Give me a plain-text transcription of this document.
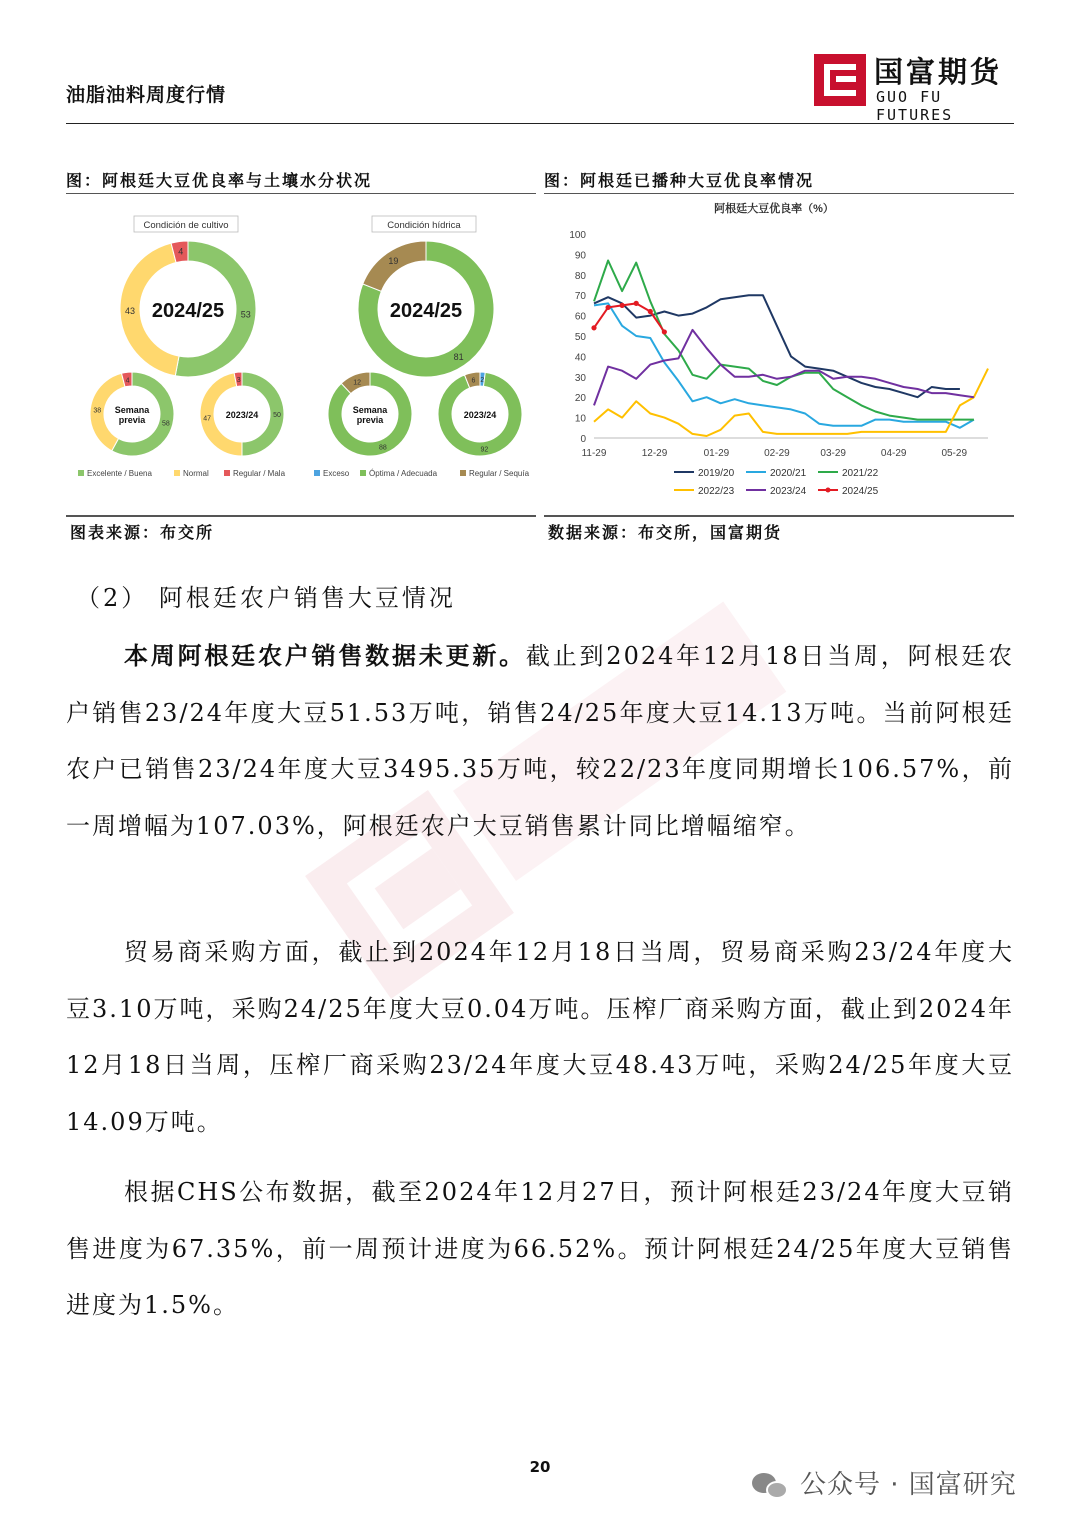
油脂油料周度行情
国富期货
GUO FU FUTURES
图：阿根廷大豆优良率与土壤水分状况
Condición de cultivo
53
43
4
2024/25
58
38
4
Semana
previa	50
47
3
2023/24
Condición hídrica
81
19
2024/25
88
12
Semana
previa
2
92
6
2023/24
Excelente / Buena	Normal	Regular / Mala	Exceso Óptima / Adecuada	Regular / Sequía
图表来源：布交所
图：阿根廷已播种大豆优良率情况
阿根廷大豆优良率（%）
0
10
20
30
40
50
60
70
80
90
100
11-29	12-29	01-29	02-29	03-29	04-29	05-29
2019/20	2020/21	2021/22
2022/23	2023/24	2024/25
数据来源：布交所，国富期货
（2） 阿根廷农户销售大豆情况
本周阿根廷农户销售数据未更新。截止到2024年12月18日当周，阿根廷农户销售23/24年度大豆51.53万吨，销售24/25年度大豆14.13万吨。当前阿根廷农户已销售23/24年度大豆3495.35万吨，较22/23年度同期增长106.57%，前一周增幅为107.03%，阿根廷农户大豆销售累计同比增幅缩窄。
贸易商采购方面，截止到2024年12月18日当周，贸易商采购23/24年度大豆3.10万吨，采购24/25年度大豆0.04万吨。压榨厂商采购方面，截止到2024年12月18日当周，压榨厂商采购23/24年度大豆48.43万吨，采购24/25年度大豆14.09万吨。
根据CHS公布数据，截至2024年12月27日，预计阿根廷23/24年度大豆销售进度为67.35%，前一周预计进度为66.52%。预计阿根廷24/25年度大豆销售进度为1.5%。
20
公众号 · 国富研究
